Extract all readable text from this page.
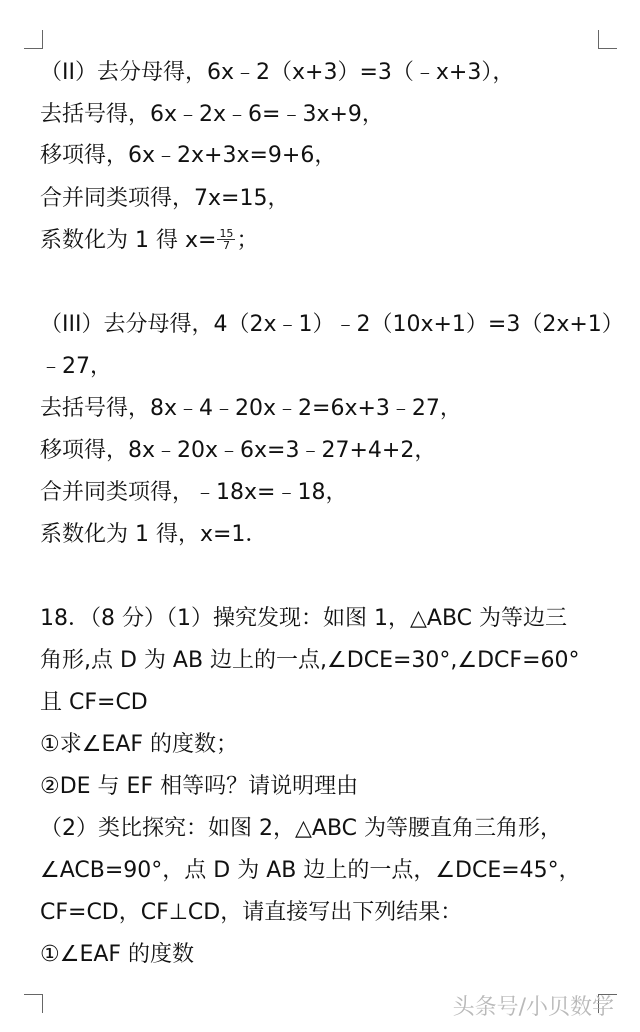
（II）去分母得，6x﹣2（x+3）=3（﹣x+3），
去括号得，6x﹣2x﹣6=﹣3x+9，
移项得，6x﹣2x+3x=9+6，
合并同类项得，7x=15，
系数化为 1 得 $x= \frac{15}{7}$ ；
（III）去分母得，4（2x﹣1）﹣2（10x+1）=3（2x+1）
﹣27，
去括号得，8x﹣4﹣20x﹣2=6x+3﹣27，
移项得，8x﹣20x﹣6x=3﹣27+4+2，
合并同类项得，﹣18x=﹣18，
系数化为 1 得，x=1．
18．（8 分）（1）操究发现：如图 1，△ABC 为等边三
角形,点 D 为 AB 边上的一点,∠DCE=30°,∠DCF=60°
且 CF=CD
①求∠EAF 的度数；
②DE 与 EF 相等吗？请说明理由
（2）类比探究：如图 2，△ABC 为等腰直角三角形，
∠ACB=90°，点 D 为 AB 边上的一点，∠DCE=45°，
CF=CD，CF⊥CD，请直接写出下列结果：
①∠EAF 的度数
头条号/小贝数学
